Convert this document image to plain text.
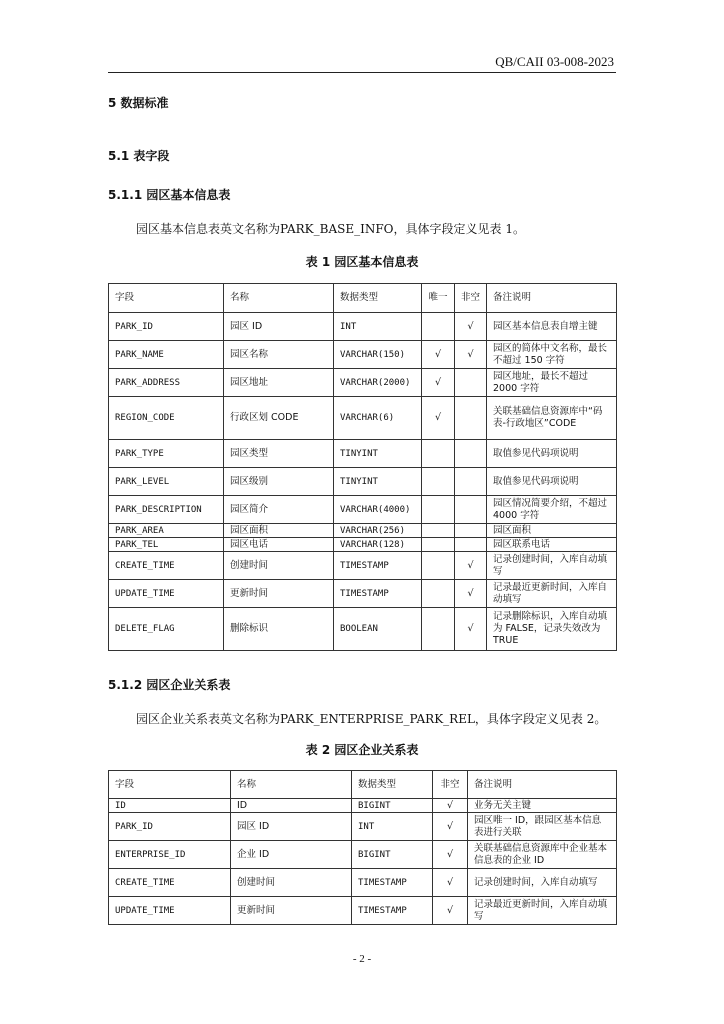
QB/CAII 03-008-2023
5 数据标准
5.1 表字段
5.1.1 园区基本信息表
园区基本信息表英文名称为PARK_BASE_INFO，具体字段定义见表 1。
表 1 园区基本信息表
字段	名称	数据类型	唯一	非空	备注说明
PARK_ID	园区 ID	INT		√	园区基本信息表自增主键
PARK_NAME	园区名称	VARCHAR(150)	√	√	园区的简体中文名称，最长不超过 150 字符
PARK_ADDRESS	园区地址	VARCHAR(2000)	√		园区地址，最长不超过 2000 字符
REGION_CODE	行政区划 CODE	VARCHAR(6)	√		关联基础信息资源库中“码表-行政地区”CODE
PARK_TYPE	园区类型	TINYINT			取值参见代码项说明
PARK_LEVEL	园区级别	TINYINT			取值参见代码项说明
PARK_DESCRIPTION	园区简介	VARCHAR(4000)			园区情况简要介绍，不超过 4000 字符
PARK_AREA	园区面积	VARCHAR(256)			园区面积
PARK_TEL	园区电话	VARCHAR(128)			园区联系电话
CREATE_TIME	创建时间	TIMESTAMP		√	记录创建时间，入库自动填写
UPDATE_TIME	更新时间	TIMESTAMP		√	记录最近更新时间，入库自动填写
DELETE_FLAG	删除标识	BOOLEAN		√	记录删除标识，入库自动填为 FALSE，记录失效改为 TRUE
5.1.2 园区企业关系表
园区企业关系表英文名称为PARK_ENTERPRISE_PARK_REL，具体字段定义见表 2。
表 2 园区企业关系表
字段	名称	数据类型	非空	备注说明
ID	ID	BIGINT	√	业务无关主键
PARK_ID	园区 ID	INT	√	园区唯一 ID，跟园区基本信息表进行关联
ENTERPRISE_ID	企业 ID	BIGINT	√	关联基础信息资源库中企业基本信息表的企业 ID
CREATE_TIME	创建时间	TIMESTAMP	√	记录创建时间，入库自动填写
UPDATE_TIME	更新时间	TIMESTAMP	√	记录最近更新时间，入库自动填写
- 2 -
